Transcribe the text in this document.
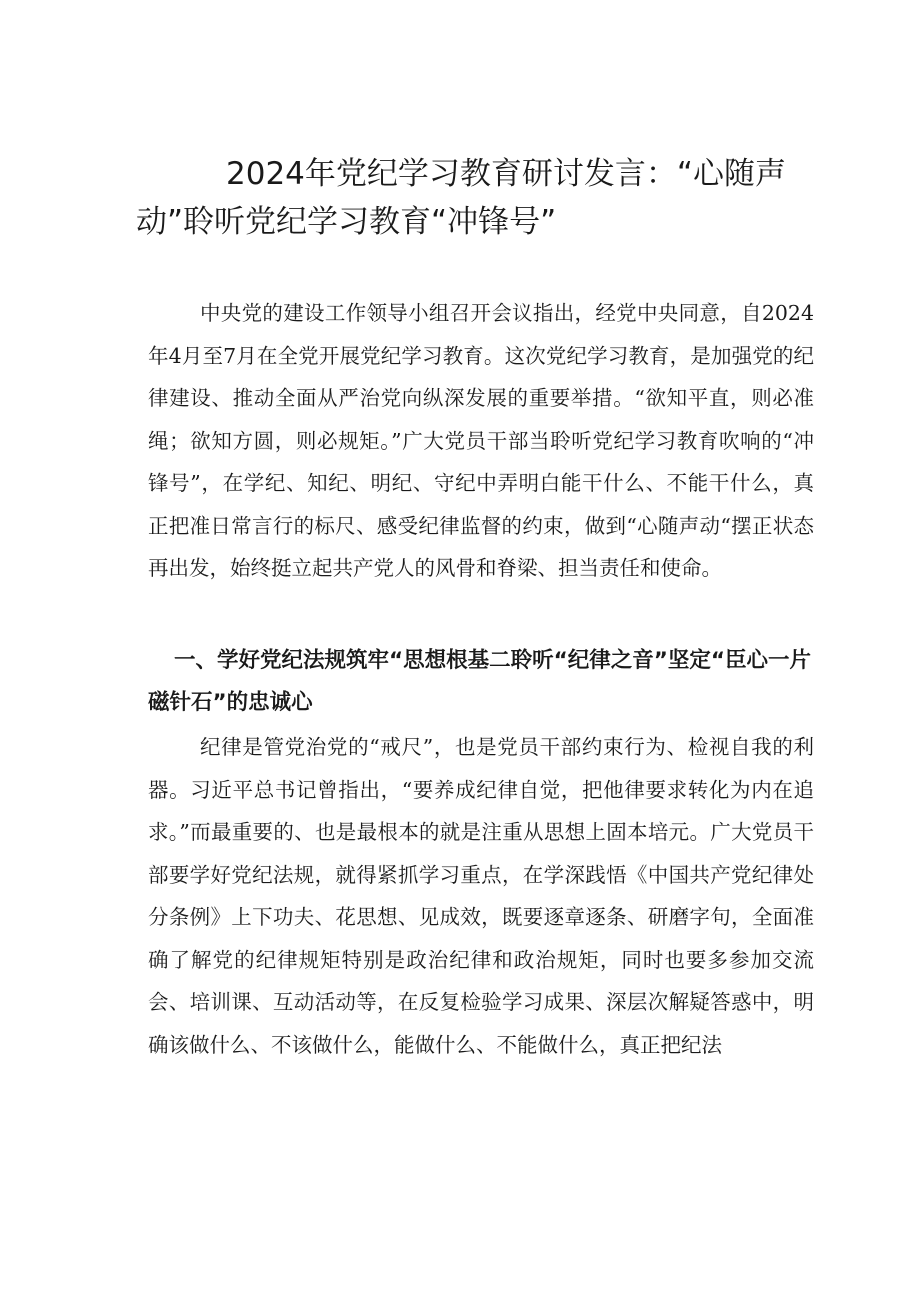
2024年党纪学习教育研讨发言：“心随声动”聆听党纪学习教育“冲锋号”

中央党的建设工作领导小组召开会议指出，经党中央同意，自2024年4月至7月在全党开展党纪学习教育。这次党纪学习教育，是加强党的纪律建设、推动全面从严治党向纵深发展的重要举措。“欲知平直，则必准绳；欲知方圆，则必规矩。”广大党员干部当聆听党纪学习教育吹响的“冲锋号”，在学纪、知纪、明纪、守纪中弄明白能干什么、不能干什么，真正把准日常言行的标尺、感受纪律监督的约束，做到“心随声动“摆正状态再出发，始终挺立起共产党人的风骨和脊梁、担当责任和使命。

一、学好党纪法规筑牢“思想根基二聆听“纪律之音”坚定“臣心一片磁针石”的忠诚心

纪律是管党治党的“戒尺”，也是党员干部约束行为、检视自我的利器。习近平总书记曾指出，“要养成纪律自觉，把他律要求转化为内在追求。”而最重要的、也是最根本的就是注重从思想上固本培元。广大党员干部要学好党纪法规，就得紧抓学习重点，在学深践悟《中国共产党纪律处分条例》上下功夫、花思想、见成效，既要逐章逐条、研磨字句，全面准确了解党的纪律规矩特别是政治纪律和政治规矩，同时也要多参加交流会、培训课、互动活动等，在反复检验学习成果、深层次解疑答惑中，明确该做什么、不该做什么，能做什么、不能做什么，真正把纪法
